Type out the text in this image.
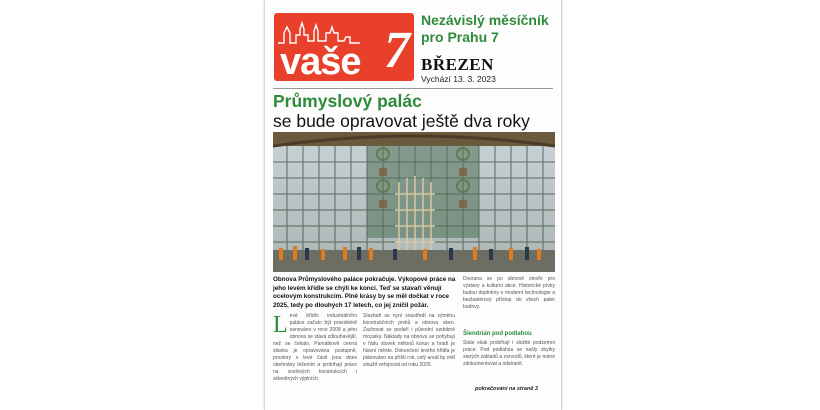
vaše 7
Nezávislý měsíčník pro Prahu 7
BŘEZEN
Vychází 13. 3. 2023
Průmyslový palác
se bude opravovat ještě dva roky
Obnova Průmyslového paláce pokračuje. Výkopové práce na jeho levém křídle se chýlí ke konci. Teď se stavaří věnují ocelovým konstrukcím. Plně krásy by se měl dočkat v roce 2025, tedy po dlouhých 17 letech, co jej zničil požár.
Levé křídlo industriálního paláce začalo být pravidelně sanováno v roce 2008 a jeho obnova se stává zdlouhavější, než se čekalo. Památkově cenná stavba je opravována postupně, prostory v levé části jsou dnes obehnány lešením a probíhají práce na ocelových konstrukcích i skleněných výplních.
Stavbaři se nyní soustředí na výměnu konstrukčních prvků a obnovu oken. Zachovat se podaří i původní ozdobné mozaiky. Náklady na obnovu se pohybují v řádu stovek milionů korun a hradí je hlavní město. Dokončení levého křídla je plánováno na příští rok, celý areál by měl sloužit veřejnosti od roku 2025.
Dvorana se po obnově otevře pro výstavy a kulturní akce. Historické prvky budou doplněny o moderní technologie a bezbariérový přístup do všech pater budovy.
Šlendrián pod podlahou
Stále však probíhají i složité podzemní práce. Pod podlahou se našly zbytky starých základů a rozvodů, které je nutné zdokumentovat a odstranit.
pokračování na straně 3
